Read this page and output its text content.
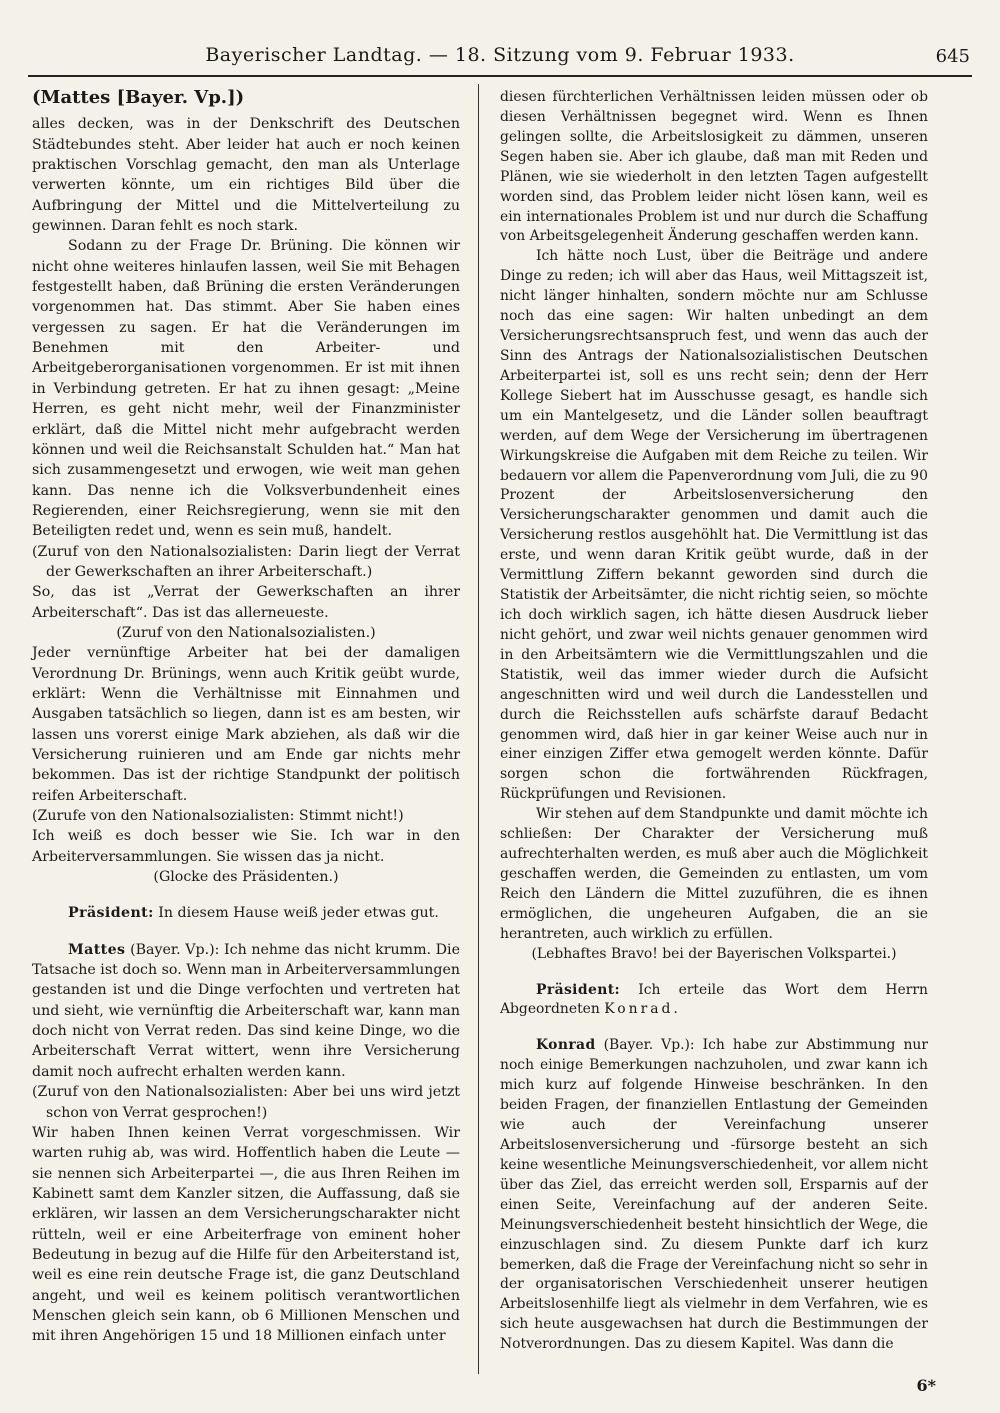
Bayerischer Landtag. — 18. Sitzung vom 9. Februar 1933.	645

(Mattes [Bayer. Vp.])

alles decken, was in der Denkschrift des Deutschen Städtebundes steht. Aber leider hat auch er noch keinen praktischen Vorschlag gemacht, den man als Unterlage verwerten könnte, um ein richtiges Bild über die Aufbringung der Mittel und die Mittelverteilung zu gewinnen. Daran fehlt es noch stark.

Sodann zu der Frage Dr. Brüning. Die können wir nicht ohne weiteres hinlaufen lassen, weil Sie mit Behagen festgestellt haben, daß Brüning die ersten Veränderungen vorgenommen hat. Das stimmt. Aber Sie haben eines vergessen zu sagen. Er hat die Veränderungen im Benehmen mit den Arbeiter- und Arbeitgeberorganisationen vorgenommen. Er ist mit ihnen in Verbindung getreten. Er hat zu ihnen gesagt: „Meine Herren, es geht nicht mehr, weil der Finanzminister erklärt, daß die Mittel nicht mehr aufgebracht werden können und weil die Reichsanstalt Schulden hat.“ Man hat sich zusammengesetzt und erwogen, wie weit man gehen kann. Das nenne ich die Volksverbundenheit eines Regierenden, einer Reichsregierung, wenn sie mit den Beteiligten redet und, wenn es sein muß, handelt.

(Zuruf von den Nationalsozialisten: Darin liegt der Verrat der Gewerkschaften an ihrer Arbeiterschaft.)

So, das ist „Verrat der Gewerkschaften an ihrer Arbeiterschaft“. Das ist das allerneueste.

(Zuruf von den Nationalsozialisten.)

Jeder vernünftige Arbeiter hat bei der damaligen Verordnung Dr. Brünings, wenn auch Kritik geübt wurde, erklärt: Wenn die Verhältnisse mit Einnahmen und Ausgaben tatsächlich so liegen, dann ist es am besten, wir lassen uns vorerst einige Mark abziehen, als daß wir die Versicherung ruinieren und am Ende gar nichts mehr bekommen. Das ist der richtige Standpunkt der politisch reifen Arbeiterschaft.

(Zurufe von den Nationalsozialisten: Stimmt nicht!)

Ich weiß es doch besser wie Sie. Ich war in den Arbeiterversammlungen. Sie wissen das ja nicht.

(Glocke des Präsidenten.)

Präsident: In diesem Hause weiß jeder etwas gut.

Mattes (Bayer. Vp.): Ich nehme das nicht krumm. Die Tatsache ist doch so. Wenn man in Arbeiterversammlungen gestanden ist und die Dinge verfochten und vertreten hat und sieht, wie vernünftig die Arbeiterschaft war, kann man doch nicht von Verrat reden. Das sind keine Dinge, wo die Arbeiterschaft Verrat wittert, wenn ihre Versicherung damit noch aufrecht erhalten werden kann.

(Zuruf von den Nationalsozialisten: Aber bei uns wird jetzt schon von Verrat gesprochen!)

Wir haben Ihnen keinen Verrat vorgeschmissen. Wir warten ruhig ab, was wird. Hoffentlich haben die Leute — sie nennen sich Arbeiterpartei —, die aus Ihren Reihen im Kabinett samt dem Kanzler sitzen, die Auffassung, daß sie erklären, wir lassen an dem Versicherungscharakter nicht rütteln, weil er eine Arbeiterfrage von eminent hoher Bedeutung in bezug auf die Hilfe für den Arbeiterstand ist, weil es eine rein deutsche Frage ist, die ganz Deutschland angeht, und weil es keinem politisch verantwortlichen Menschen gleich sein kann, ob 6 Millionen Menschen und mit ihren Angehörigen 15 und 18 Millionen einfach unter

diesen fürchterlichen Verhältnissen leiden müssen oder ob diesen Verhältnissen begegnet wird. Wenn es Ihnen gelingen sollte, die Arbeitslosigkeit zu dämmen, unseren Segen haben sie. Aber ich glaube, daß man mit Reden und Plänen, wie sie wiederholt in den letzten Tagen aufgestellt worden sind, das Problem leider nicht lösen kann, weil es ein internationales Problem ist und nur durch die Schaffung von Arbeitsgelegenheit Änderung geschaffen werden kann.

Ich hätte noch Lust, über die Beiträge und andere Dinge zu reden; ich will aber das Haus, weil Mittagszeit ist, nicht länger hinhalten, sondern möchte nur am Schlusse noch das eine sagen: Wir halten unbedingt an dem Versicherungsrechtsanspruch fest, und wenn das auch der Sinn des Antrags der Nationalsozialistischen Deutschen Arbeiterpartei ist, soll es uns recht sein; denn der Herr Kollege Siebert hat im Ausschusse gesagt, es handle sich um ein Mantelgesetz, und die Länder sollen beauftragt werden, auf dem Wege der Versicherung im übertragenen Wirkungskreise die Aufgaben mit dem Reiche zu teilen. Wir bedauern vor allem die Papenverordnung vom Juli, die zu 90 Prozent der Arbeitslosenversicherung den Versicherungscharakter genommen und damit auch die Versicherung restlos ausgehöhlt hat. Die Vermittlung ist das erste, und wenn daran Kritik geübt wurde, daß in der Vermittlung Ziffern bekannt geworden sind durch die Statistik der Arbeitsämter, die nicht richtig seien, so möchte ich doch wirklich sagen, ich hätte diesen Ausdruck lieber nicht gehört, und zwar weil nichts genauer genommen wird in den Arbeitsämtern wie die Vermittlungszahlen und die Statistik, weil das immer wieder durch die Aufsicht angeschnitten wird und weil durch die Landesstellen und durch die Reichsstellen aufs schärfste darauf Bedacht genommen wird, daß hier in gar keiner Weise auch nur in einer einzigen Ziffer etwa gemogelt werden könnte. Dafür sorgen schon die fortwährenden Rückfragen, Rückprüfungen und Revisionen.

Wir stehen auf dem Standpunkte und damit möchte ich schließen: Der Charakter der Versicherung muß aufrechterhalten werden, es muß aber auch die Möglichkeit geschaffen werden, die Gemeinden zu entlasten, um vom Reich den Ländern die Mittel zuzuführen, die es ihnen ermöglichen, die ungeheuren Aufgaben, die an sie herantreten, auch wirklich zu erfüllen.

(Lebhaftes Bravo! bei der Bayerischen Volkspartei.)

Präsident: Ich erteile das Wort dem Herrn Abgeordneten Konrad.

Konrad (Bayer. Vp.): Ich habe zur Abstimmung nur noch einige Bemerkungen nachzuholen, und zwar kann ich mich kurz auf folgende Hinweise beschränken. In den beiden Fragen, der finanziellen Entlastung der Gemeinden wie auch der Vereinfachung unserer Arbeitslosenversicherung und -fürsorge besteht an sich keine wesentliche Meinungsverschiedenheit, vor allem nicht über das Ziel, das erreicht werden soll, Ersparnis auf der einen Seite, Vereinfachung auf der anderen Seite. Meinungsverschiedenheit besteht hinsichtlich der Wege, die einzuschlagen sind. Zu diesem Punkte darf ich kurz bemerken, daß die Frage der Vereinfachung nicht so sehr in der organisatorischen Verschiedenheit unserer heutigen Arbeitslosenhilfe liegt als vielmehr in dem Verfahren, wie es sich heute ausgewachsen hat durch die Bestimmungen der Notverordnungen. Das zu diesem Kapitel. Was dann die

6*
